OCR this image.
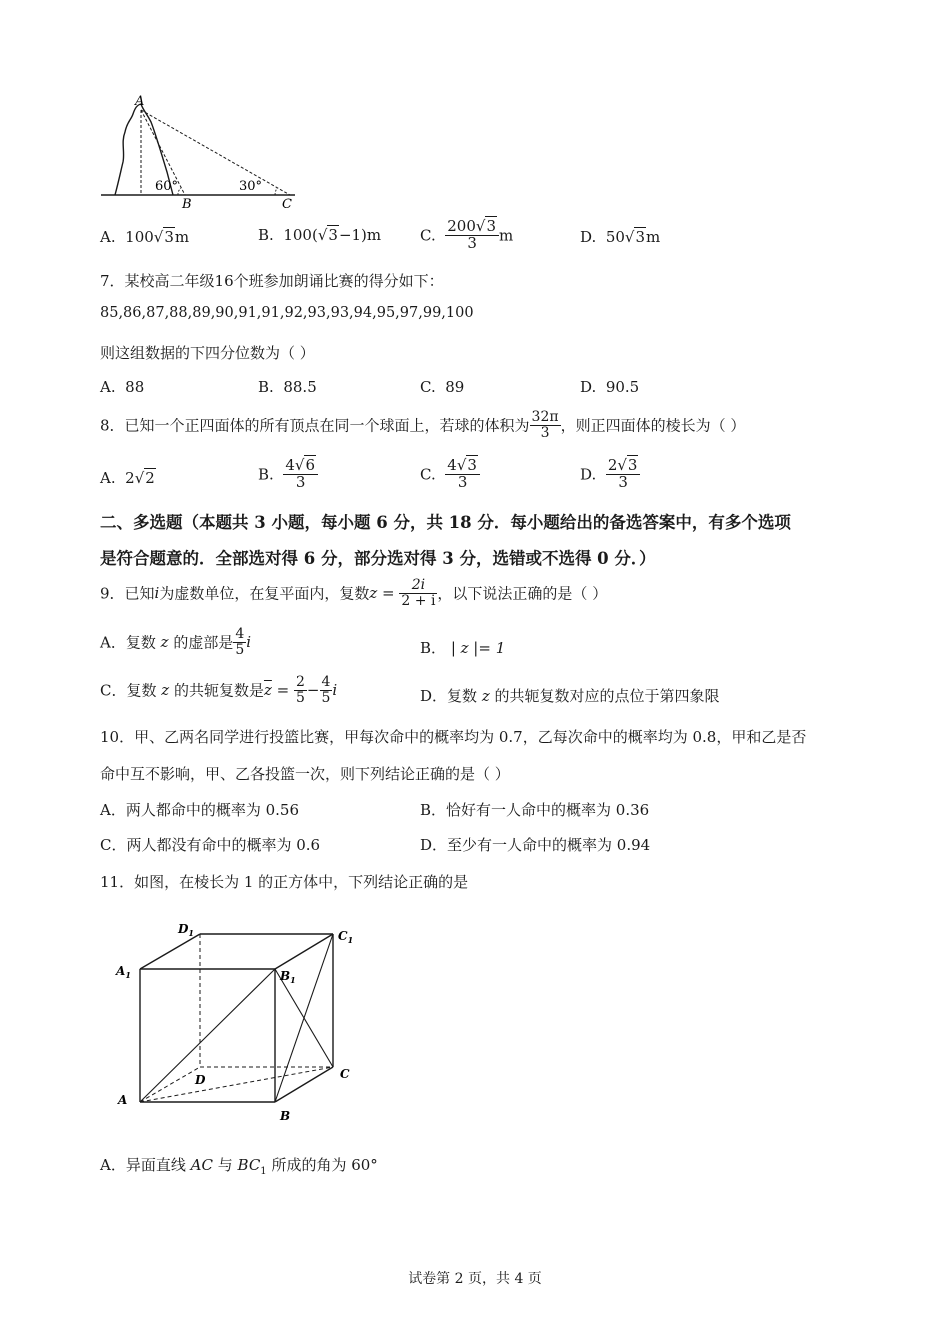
A
60°	30°
B	C
A. 100√3m	B. 100(√3−1)m	C. $\frac{200√3}{3}$ m	D. 50√3m
7．某校高二年级16个班参加朗诵比赛的得分如下：
85,86,87,88,89,90,91,91,92,93,93,94,95,97,99,100
则这组数据的下四分位数为（ ）
A. 88	B. 88.5	C. 89	D. 90.5
8．已知一个正四面体的所有顶点在同一个球面上，若球的体积为 $\frac{32\pi}{3}$ ，则正四面体的棱长为（ ）
A. 2√2	B. $\frac{4√6}{3}$	C. $\frac{4√3}{3}$	D. $\frac{2√3}{3}$
二、多选题（本题共 3 小题，每小题 6 分，共 18 分．每小题给出的备选答案中，有多个选项
是符合题意的．全部选对得 6 分，部分选对得 3 分，选错或不选得 0 分．）
9．已知i为虚数单位，在复平面内，复数$z = \frac{2i}{2 + i}$ ，以下说法正确的是（ ）
A．复数 z 的虚部是 $\frac{4}{5}$ i	B． | z |= 1
C．复数 z 的共轭复数是$\overline{z} = \frac{2}{5} - \frac{4}{5}$ i	D．复数 z 的共轭复数对应的点位于第四象限
10．甲、乙两名同学进行投篮比赛，甲每次命中的概率均为 0.7，乙每次命中的概率均为 0.8，甲和乙是否
命中互不影响，甲、乙各投篮一次，则下列结论正确的是（ ）
A．两人都命中的概率为 0.56	B．恰好有一人命中的概率为 0.36
C．两人都没有命中的概率为 0.6	D．至少有一人命中的概率为 0.94
11．如图，在棱长为 1 的正方体中，下列结论正确的是
$D_1$	$C_1$
$A_1$	$B_1$
D	C
A
B
A．异面直线 AC 与 $BC_1$ 所成的角为 60°
试卷第 2 页，共 4 页
